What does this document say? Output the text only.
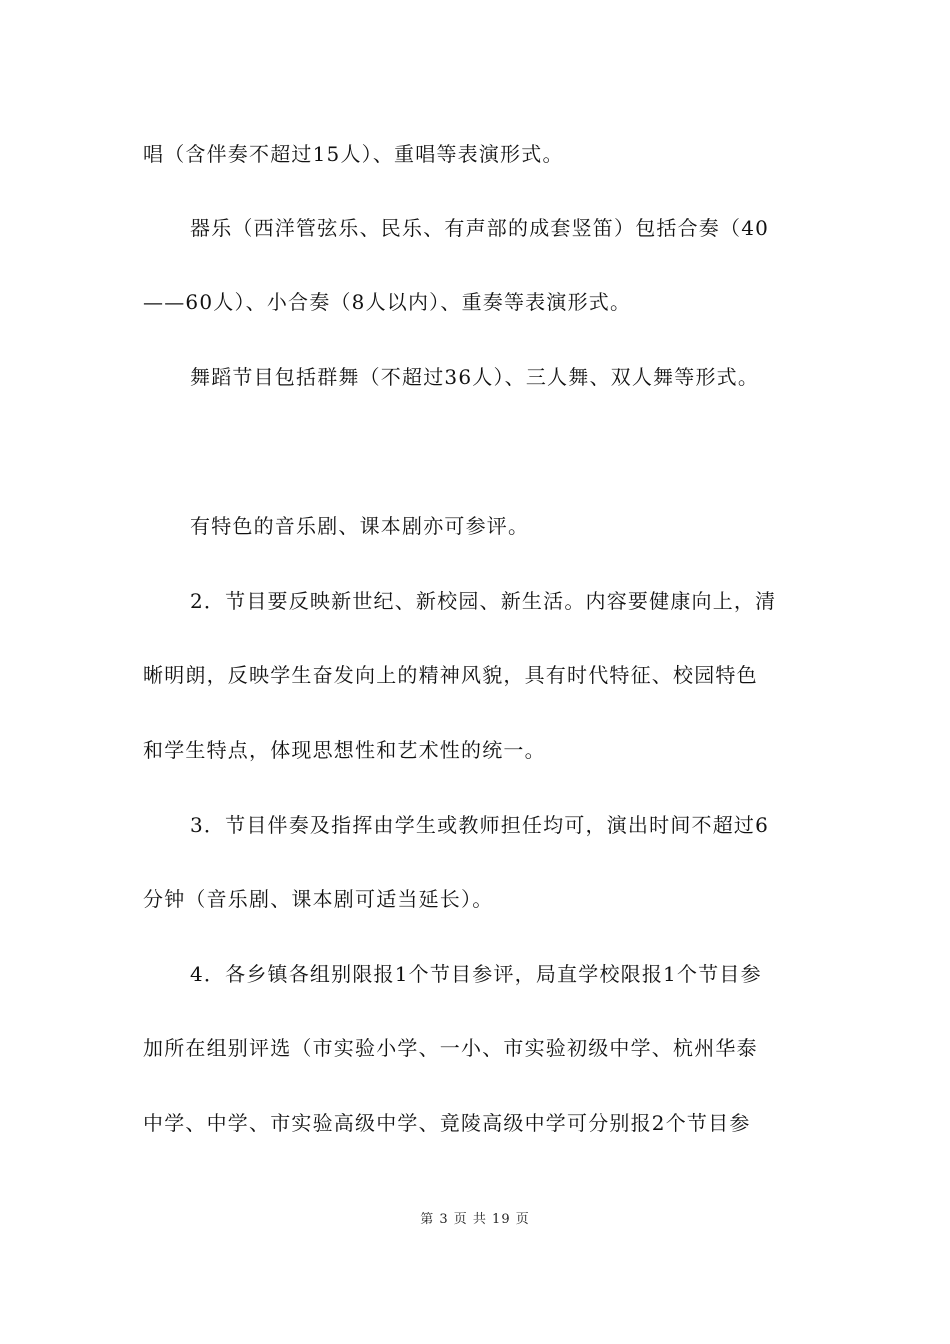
唱（含伴奏不超过15人）、重唱等表演形式。
器乐（西洋管弦乐、民乐、有声部的成套竖笛）包括合奏（40
——60人）、小合奏（8人以内）、重奏等表演形式。
舞蹈节目包括群舞（不超过36人）、三人舞、双人舞等形式。
有特色的音乐剧、课本剧亦可参评。
2．节目要反映新世纪、新校园、新生活。内容要健康向上，清
晰明朗，反映学生奋发向上的精神风貌，具有时代特征、校园特色
和学生特点，体现思想性和艺术性的统一。
3．节目伴奏及指挥由学生或教师担任均可，演出时间不超过6
分钟（音乐剧、课本剧可适当延长）。
4．各乡镇各组别限报1个节目参评，局直学校限报1个节目参
加所在组别评选（市实验小学、一小、市实验初级中学、杭州华泰
中学、中学、市实验高级中学、竟陵高级中学可分别报2个节目参
第 3 页 共 19 页
